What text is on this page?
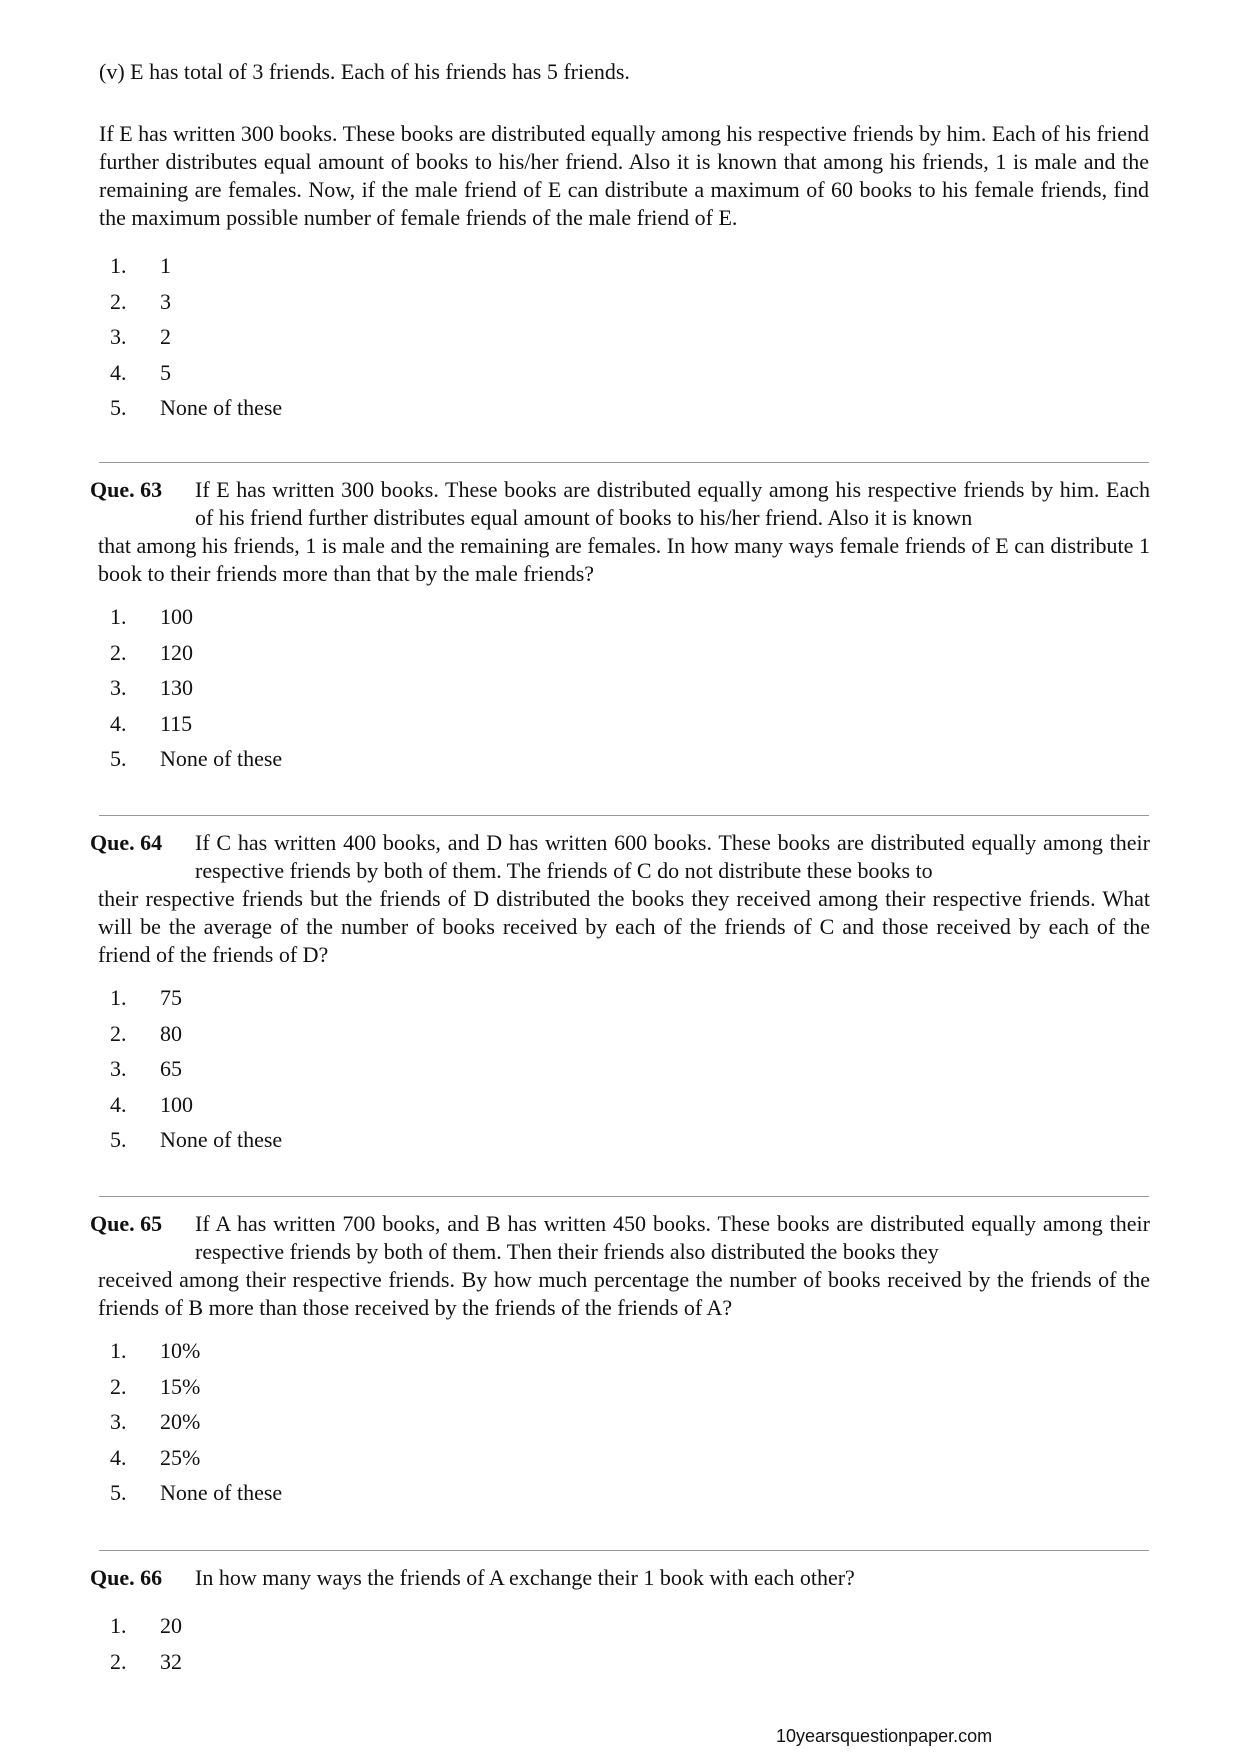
(v) E has total of 3 friends. Each of his friends has 5 friends.
If E has written 300 books. These books are distributed equally among his respective friends by him. Each of his friend further distributes equal amount of books to his/her friend. Also it is known that among his friends, 1 is male and the remaining are females. Now, if the male friend of E can distribute a maximum of 60 books to his female friends, find the maximum possible number of female friends of the male friend of E.
1. 1
2. 3
3. 2
4. 5
5. None of these
Que. 63	If E has written 300 books. These books are distributed equally among his respective friends by him. Each of his friend further distributes equal amount of books to his/her friend. Also it is known
that among his friends, 1 is male and the remaining are females. In how many ways female friends of E can distribute 1 book to their friends more than that by the male friends?
1. 100
2. 120
3. 130
4. 115
5. None of these
Que. 64	If C has written 400 books, and D has written 600 books. These books are distributed equally among their respective friends by both of them. The friends of C do not distribute these books to
their respective friends but the friends of D distributed the books they received among their respective friends. What will be the average of the number of books received by each of the friends of C and those received by each of the friend of the friends of D?
1. 75
2. 80
3. 65
4. 100
5. None of these
Que. 65	If A has written 700 books, and B has written 450 books. These books are distributed equally among their respective friends by both of them. Then their friends also distributed the books they
received among their respective friends. By how much percentage the number of books received by the friends of the friends of B more than those received by the friends of the friends of A?
1. 10%
2. 15%
3. 20%
4. 25%
5. None of these
Que. 66	In how many ways the friends of A exchange their 1 book with each other?
1. 20
2. 32
10yearsquestionpaper.com
